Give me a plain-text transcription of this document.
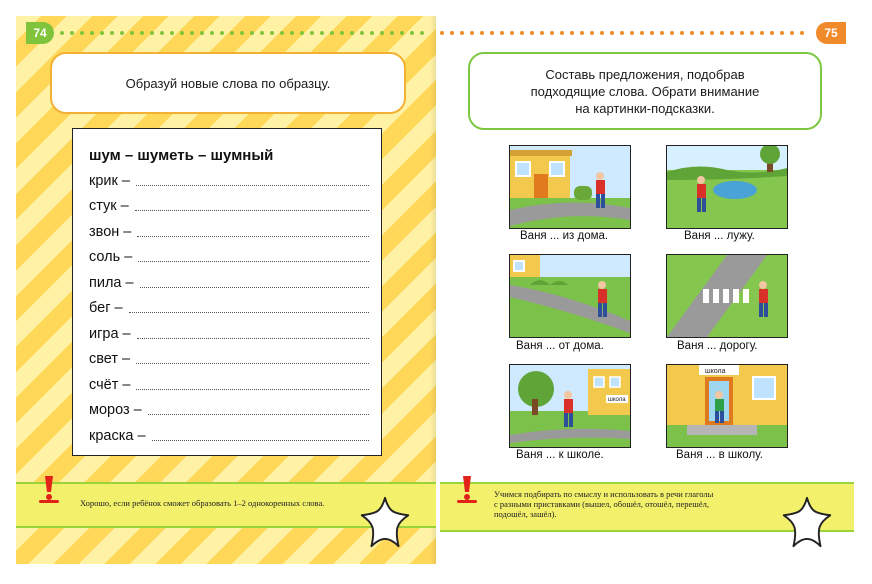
74	75
Образуй новые слова по образцу.
шум – шуметь – шумный
крик –
стук –
звон –
соль –
пила –
бег –
игра –
свет –
счёт –
мороз –
краска –
Хорошо, если ребёнок сможет образовать 1–2 однокоренных слова.
Составь предложения, подобрав
подходящие слова. Обрати внимание
на картинки-подсказки.
Ваня ... из дома.	Ваня ... лужу.
Ваня ... от дома.	Ваня ... дорогу.
школа
Ваня ... к школе.
школа
Ваня ... в школу.
Учимся подбирать по смыслу и использовать в речи глаголы
с разными приставками (вышел, обошёл, отошёл, перешёл,
подошёл, зашёл).
